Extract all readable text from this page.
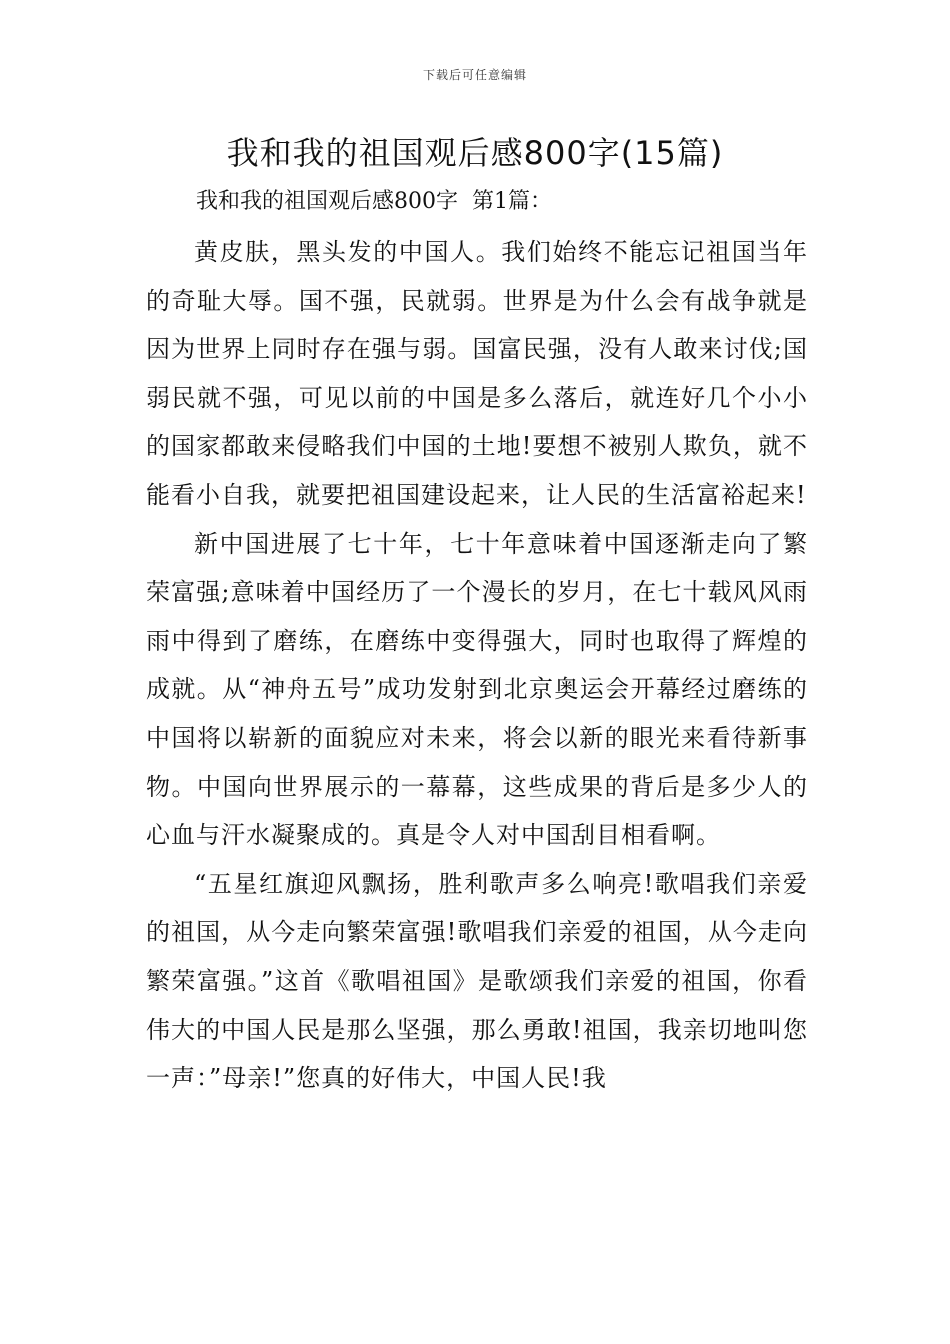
下载后可任意编辑
我和我的祖国观后感800字(15篇)
我和我的祖国观后感800字  第1篇：

黄皮肤，黑头发的中国人。我们始终不能忘记祖国当年的奇耻大辱。国不强，民就弱。世界是为什么会有战争就是因为世界上同时存在强与弱。国富民强，没有人敢来讨伐;国弱民就不强，可见以前的中国是多么落后，就连好几个小小的国家都敢来侵略我们中国的土地!要想不被别人欺负，就不能看小自我，就要把祖国建设起来，让人民的生活富裕起来!

新中国进展了七十年，七十年意味着中国逐渐走向了繁荣富强;意味着中国经历了一个漫长的岁月，在七十载风风雨雨中得到了磨练，在磨练中变得强大，同时也取得了辉煌的成就。从“神舟五号”成功发射到北京奥运会开幕经过磨练的中国将以崭新的面貌应对未来，将会以新的眼光来看待新事物。中国向世界展示的一幕幕，这些成果的背后是多少人的心血与汗水凝聚成的。真是令人对中国刮目相看啊。

“五星红旗迎风飘扬，胜利歌声多么响亮!歌唱我们亲爱的祖国，从今走向繁荣富强!歌唱我们亲爱的祖国，从今走向繁荣富强。”这首《歌唱祖国》是歌颂我们亲爱的祖国，你看伟大的中国人民是那么坚强，那么勇敢!祖国，我亲切地叫您一声：”母亲!”您真的好伟大，中国人民!我
